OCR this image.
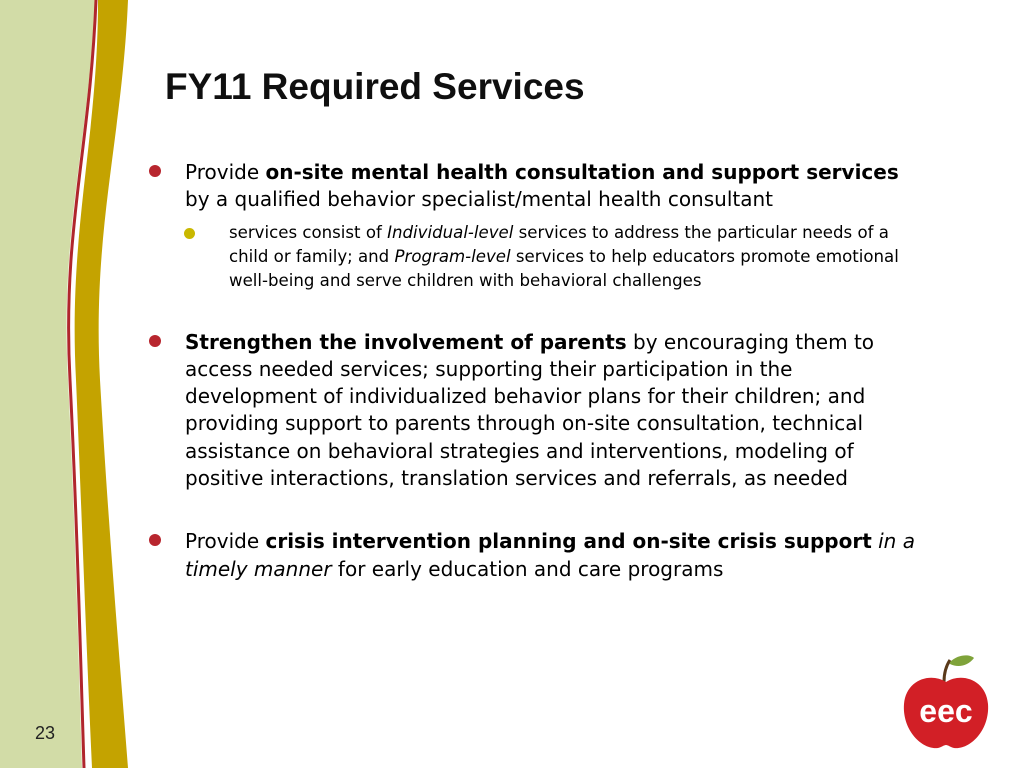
FY11 Required Services
Provide on-site mental health consultation and support services by a qualified behavior specialist/mental health consultant
services consist of Individual-level services to address the particular needs of a child or family; and Program-level services to help educators promote emotional well-being and serve children with behavioral challenges
Strengthen the involvement of parents by encouraging them to access needed services; supporting their participation in the development of individualized behavior plans for their children; and providing support to parents through on-site consultation, technical assistance on behavioral strategies and interventions, modeling of positive interactions, translation services and referrals, as needed
Provide crisis intervention planning and on-site crisis support in a timely manner for early education and care programs
23
eec
